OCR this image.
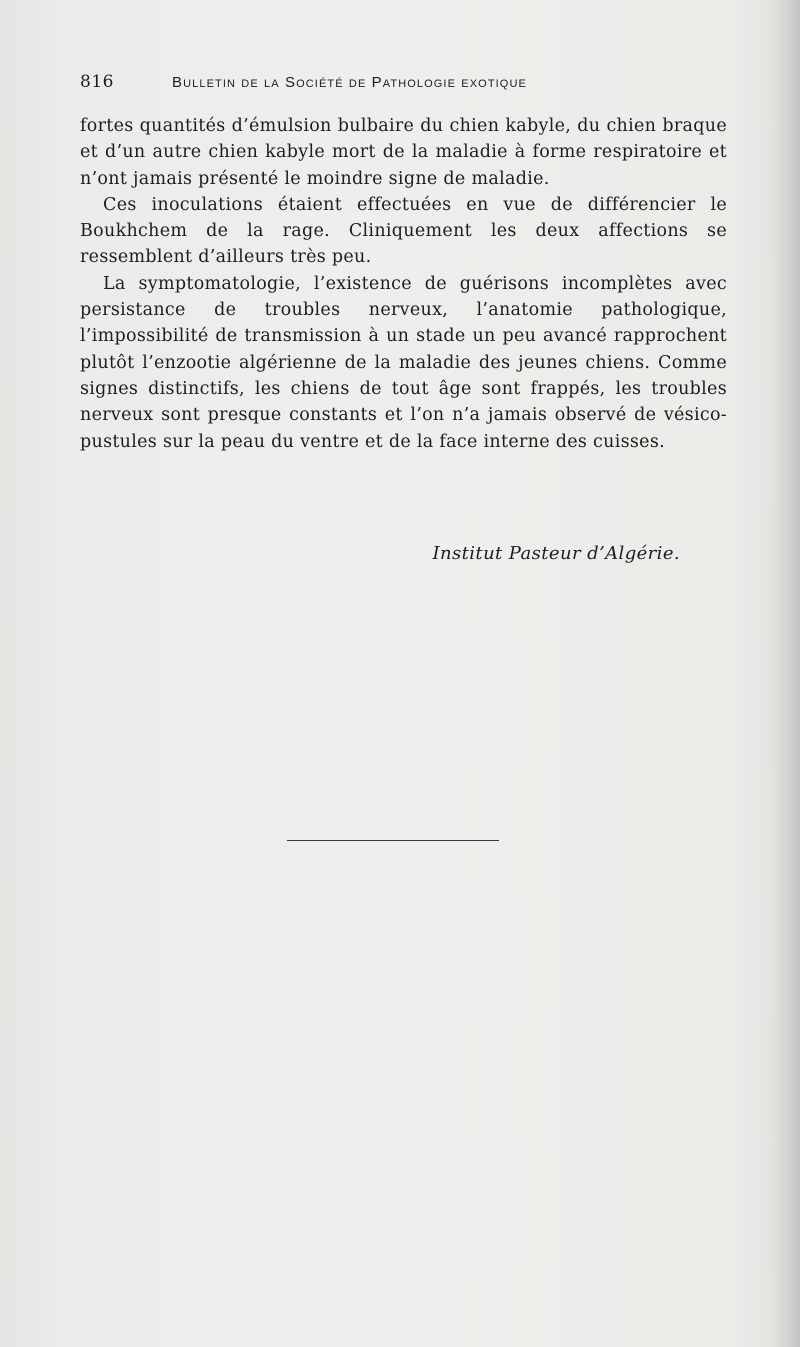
816	Bulletin de la Société de Pathologie exotique

fortes quantités d’émulsion bulbaire du chien kabyle, du chien braque et d’un autre chien kabyle mort de la maladie à forme respiratoire et n’ont jamais présenté le moindre signe de maladie.

Ces inoculations étaient effectuées en vue de différencier le Boukhchem de la rage. Cliniquement les deux affections se ressemblent d’ailleurs très peu.

La symptomatologie, l’existence de guérisons incomplètes avec persistance de troubles nerveux, l’anatomie pathologique, l’impossibilité de transmission à un stade un peu avancé rapprochent plutôt l’enzootie algérienne de la maladie des jeunes chiens. Comme signes distinctifs, les chiens de tout âge sont frappés, les troubles nerveux sont presque constants et l’on n’a jamais observé de vésico-pustules sur la peau du ventre et de la face interne des cuisses.

Institut Pasteur d’Algérie.
